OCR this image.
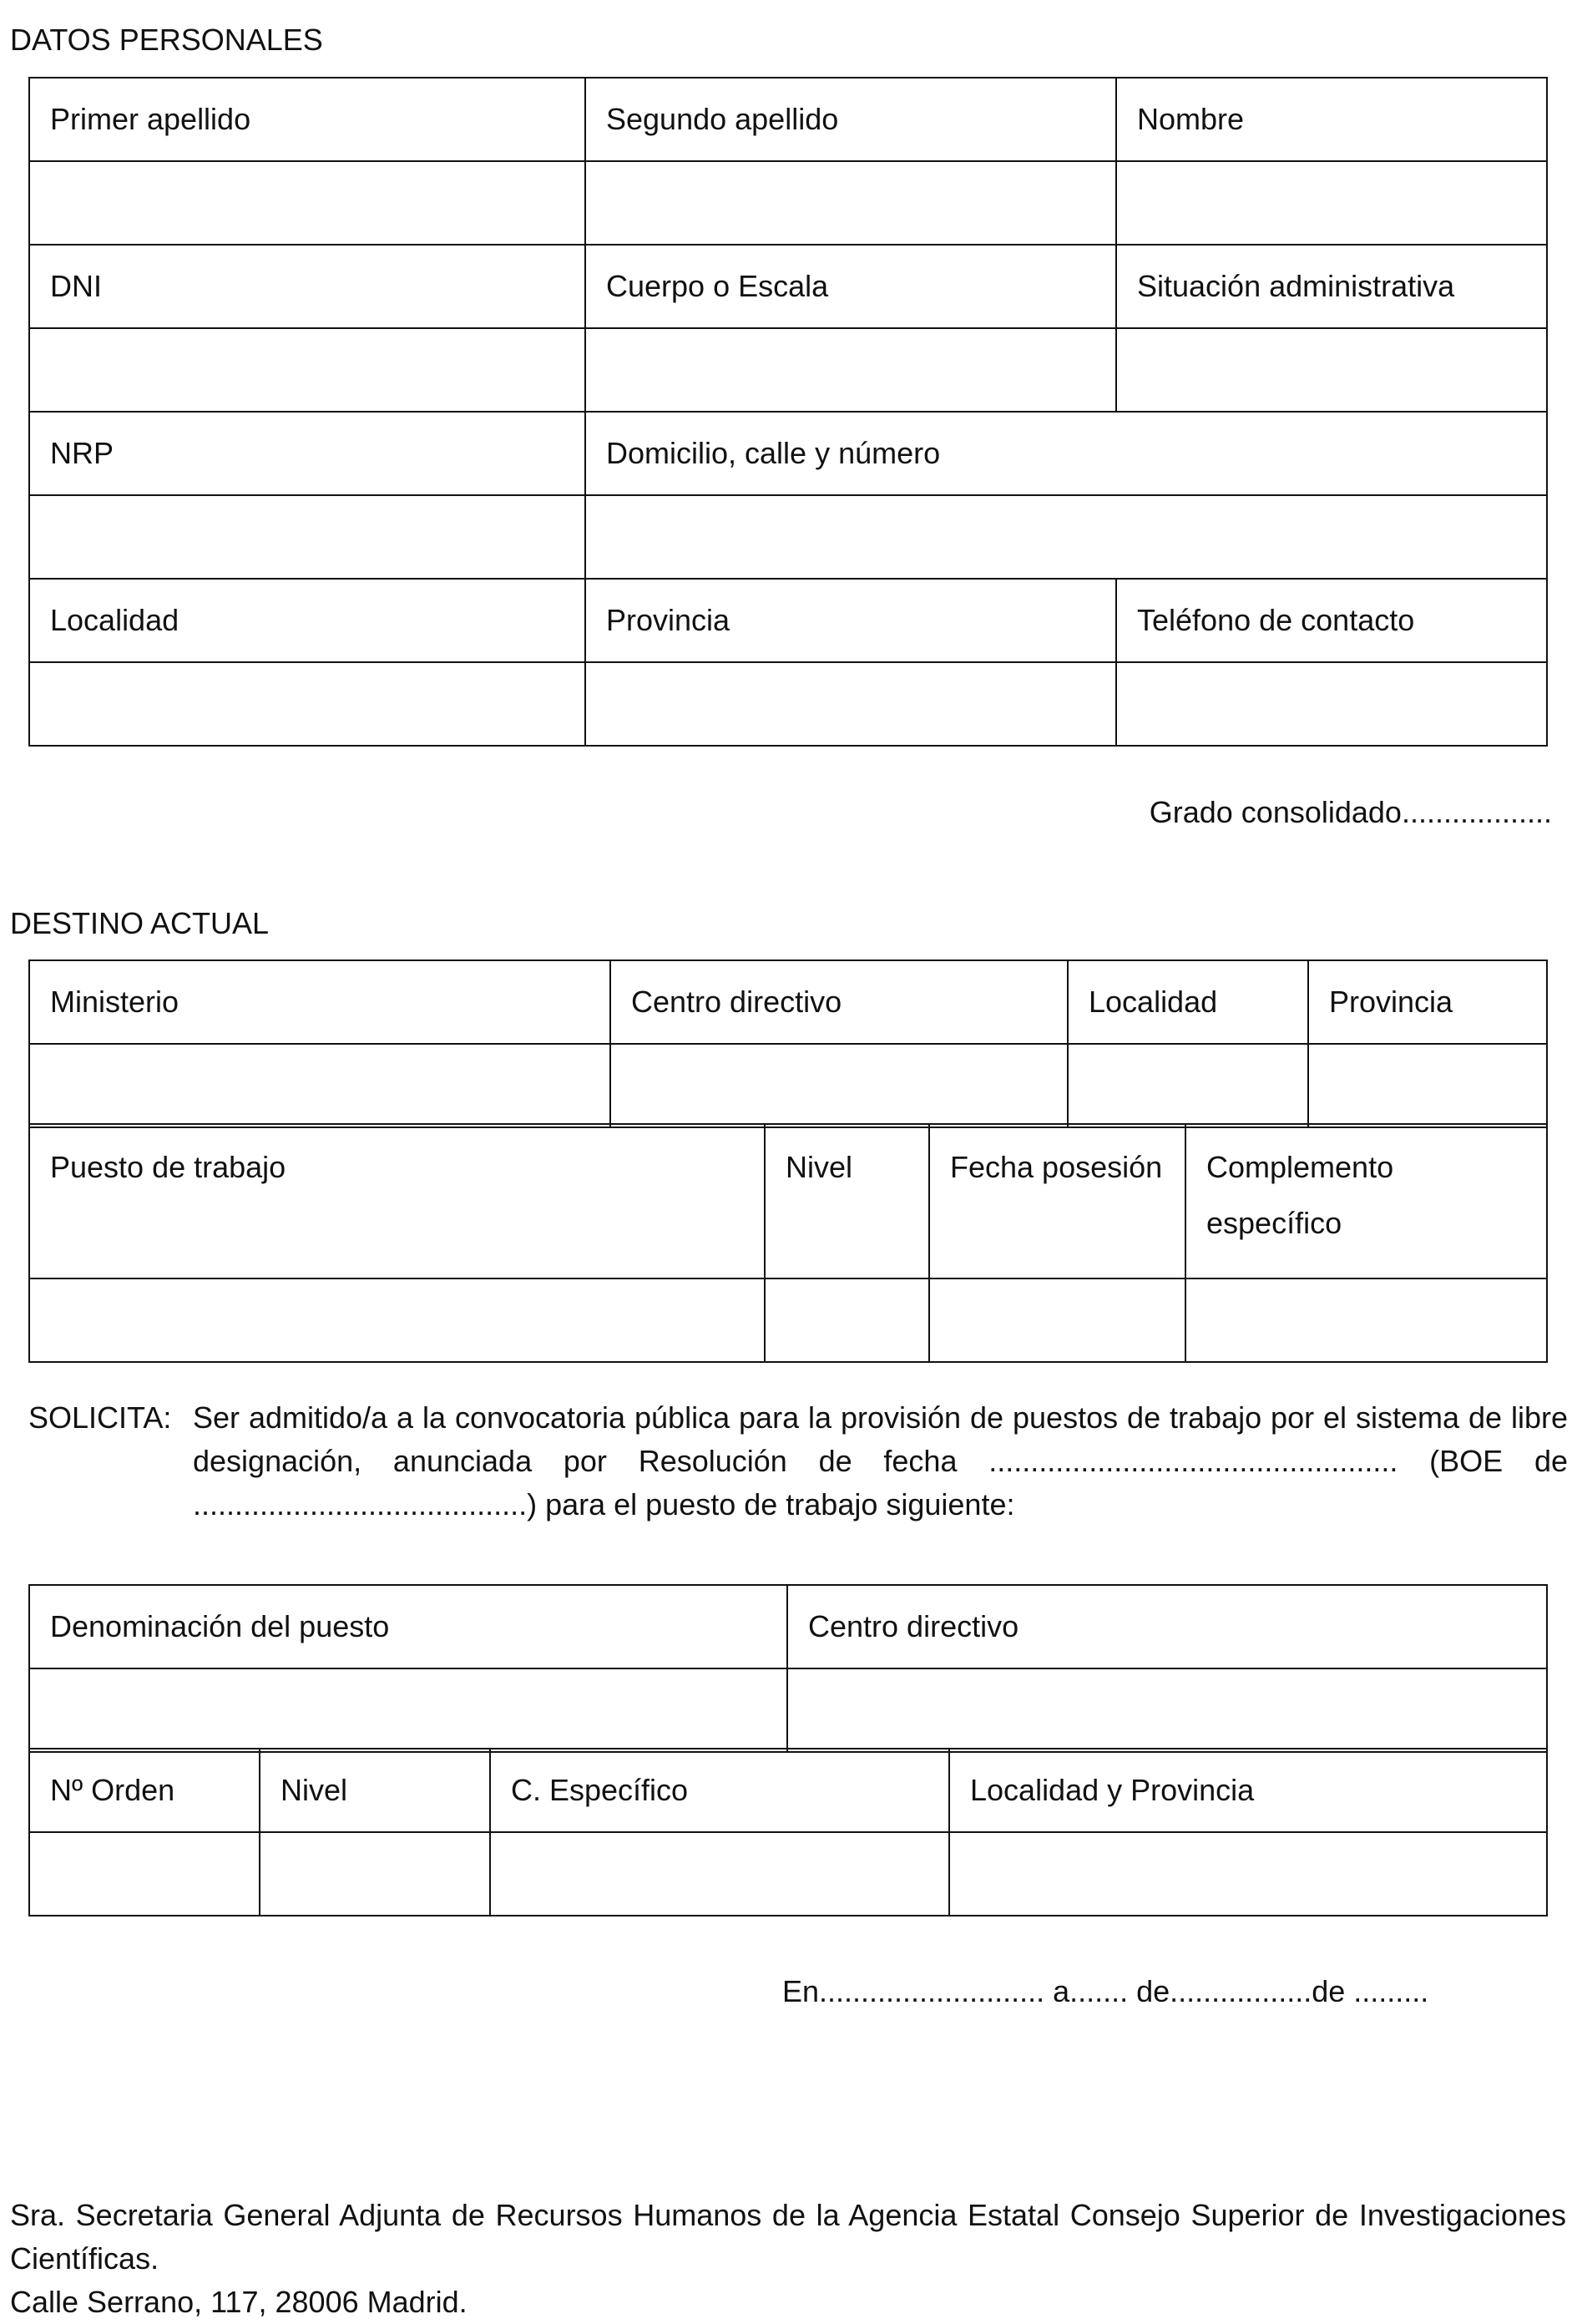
DATOS PERSONALES
Primer apellido	Segundo apellido	Nombre

DNI	Cuerpo o Escala	Situación administrativa

NRP	Domicilio, calle y número	

Localidad	Provincia	Teléfono de contacto

Grado consolidado..................
DESTINO ACTUAL
Ministerio	Centro directivo	Localidad	Provincia

Puesto de trabajo	Nivel	Fecha posesión	Complemento específico

SOLICITA: Ser admitido/a a la convocatoria pública para la provisión de puestos de trabajo por el sistema de libre designación, anunciada por Resolución de fecha ................................................. (BOE de ........................................) para el puesto de trabajo siguiente:
Denominación del puesto	Centro directivo

Nº Orden	Nivel	C. Específico	Localidad y Provincia

En........................... a....... de.................de .........
Sra. Secretaria General Adjunta de Recursos Humanos de la Agencia Estatal Consejo Superior de Investigaciones Científicas.
Calle Serrano, 117, 28006 Madrid.
